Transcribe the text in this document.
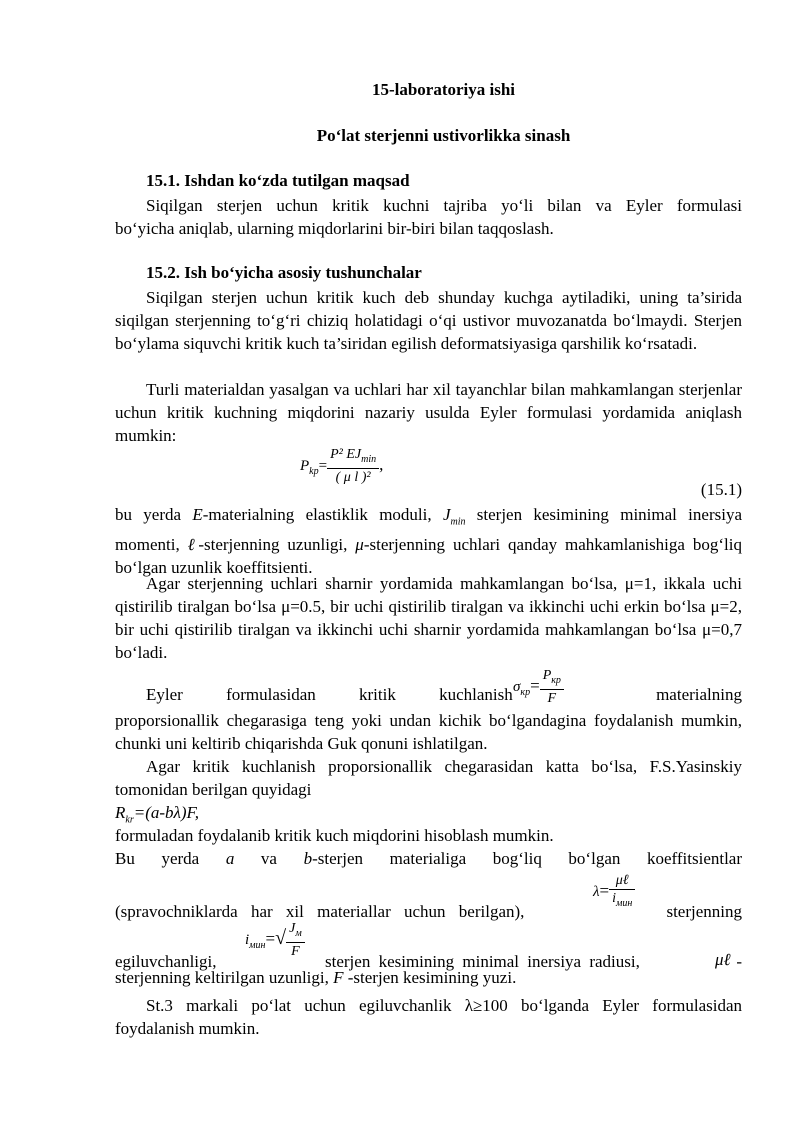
15-laboratoriya ishi
Po‘lat sterjenni ustivorlikka sinash
15.1. Ishdan ko‘zda tutilgan maqsad
Siqilgan sterjen uchun kritik kuchni tajriba yo‘li bilan va Eyler formulasi
bo‘yicha aniqlab, ularning miqdorlarini bir-biri bilan taqqoslash.
15.2. Ish bo‘yicha asosiy tushunchalar
Siqilgan sterjen uchun kritik kuch deb shunday kuchga aytiladiki, uning ta’sirida siqilgan sterjenning to‘g‘ri chiziq holatidagi o‘qi ustivor muvozanatda bo‘lmaydi. Sterjen bo‘ylama siquvchi kritik kuch ta’siridan egilish deformatsiyasiga qarshilik ko‘rsatadi.
Turli materialdan yasalgan va uchlari har xil tayanchlar bilan mahkamlangan sterjenlar uchun kritik kuchning miqdorini nazariy usulda Eyler formulasi yordamida aniqlash mumkin:
$P_{kp}= \frac{P^2 EJ_{min}}{\text{( μ l )²}}$ ,
(15.1)
bu yerda E-materialning elastiklik moduli, $J_{min}$ sterjen kesimining minimal inersiya momenti, ℓ-sterjenning uzunligi, μ-sterjenning uchlari qanday mahkamlanishiga bog‘liq bo‘lgan uzunlik koeffitsienti.
Agar sterjenning uchlari sharnir yordamida mahkamlangan bo‘lsa, μ=1, ikkala uchi qistirilib tiralgan bo‘lsa μ=0.5, bir uchi qistirilib tiralgan va ikkinchi uchi erkin bo‘lsa μ=2, bir uchi qistirilib tiralgan va ikkinchi uchi sharnir yordamida mahkamlangan bo‘lsa μ=0,7 bo‘ladi.
Eyler formulasidan kritik kuchlanish $\sigma_{кр}= \frac{P_{кр}}{F}$	materialning
proporsionallik chegarasiga teng yoki undan kichik bo‘lgandagina foydalanish mumkin, chunki uni keltirib chiqarishda Guk qonuni ishlatilgan.
Agar kritik kuchlanish proporsionallik chegarasidan katta bo‘lsa, F.S.Yasinskiy tomonidan berilgan quyidagi
$R_{kr}=(a-b\lambda)F$,
formuladan foydalanib kritik kuch miqdorini hisoblash mumkin.
Bu yerda a va b-sterjen materialiga bog‘liq bo‘lgan koeffitsientlar
(spravochniklarda har xil materiallar uchun berilgan),
$\lambda= \frac{\text{μℓ}}{i_{мин}}$ sterjenning
egiluvchanligi,
$i_{мин}=√ \frac{J_м}{F}$
sterjen kesimining minimal inersiya radiusi,	μℓ -
sterjenning keltirilgan uzunligi, F -sterjen kesimining yuzi.
St.3 markali po‘lat uchun egiluvchanlik λ≥100 bo‘lganda Eyler formulasidan foydalanish mumkin.
